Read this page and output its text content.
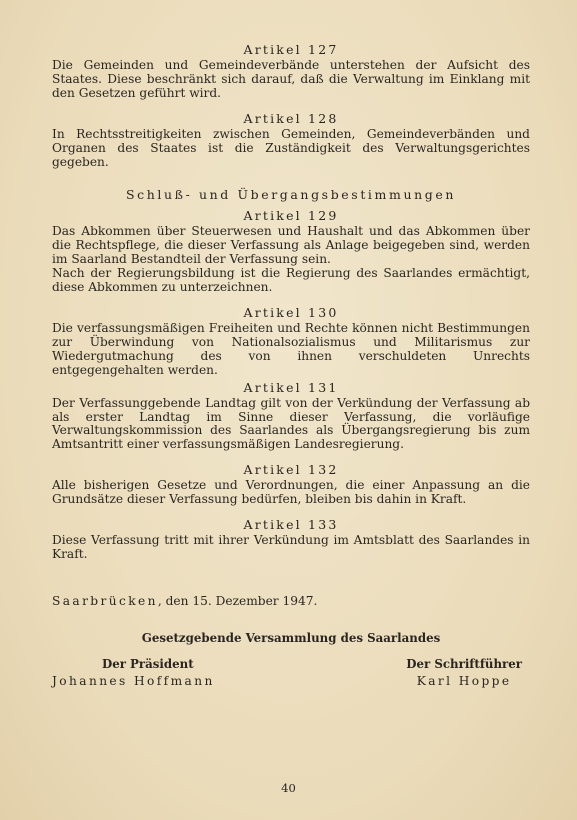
Artikel 127

Die Gemeinden und Gemeindeverbände unterstehen der Aufsicht des Staates. Diese beschränkt sich darauf, daß die Verwaltung im Einklang mit den Gesetzen geführt wird.

Artikel 128

In Rechtsstreitigkeiten zwischen Gemeinden, Gemeindeverbänden und Organen des Staates ist die Zuständigkeit des Verwaltungsgerichtes gegeben.

Schluß- und Übergangsbestimmungen
Artikel 129

Das Abkommen über Steuerwesen und Haushalt und das Abkommen über die Rechtspflege, die dieser Verfassung als Anlage beigegeben sind, werden im Saarland Bestandteil der Verfassung sein.

Nach der Regierungsbildung ist die Regierung des Saarlandes ermächtigt, diese Abkommen zu unterzeichnen.

Artikel 130

Die verfassungsmäßigen Freiheiten und Rechte können nicht Bestimmungen zur Überwindung von Nationalsozialismus und Militarismus zur Wiedergutmachung des von ihnen verschuldeten Unrechts entgegengehalten werden.

Artikel 131

Der Verfassunggebende Landtag gilt von der Verkündung der Verfassung ab als erster Landtag im Sinne dieser Verfassung, die vorläufige Verwaltungskommission des Saarlandes als Übergangsregierung bis zum Amtsantritt einer verfassungsmäßigen Landesregierung.

Artikel 132

Alle bisherigen Gesetze und Verordnungen, die einer Anpassung an die Grundsätze dieser Verfassung bedürfen, bleiben bis dahin in Kraft.

Artikel 133

Diese Verfassung tritt mit ihrer Verkündung im Amtsblatt des Saarlandes in Kraft.

Saarbrücken, den 15. Dezember 1947.
Gesetzgebende Versammlung des Saarlandes
Der Präsident
Johannes Hoffmann
Der Schriftführer
Karl Hoppe
40
